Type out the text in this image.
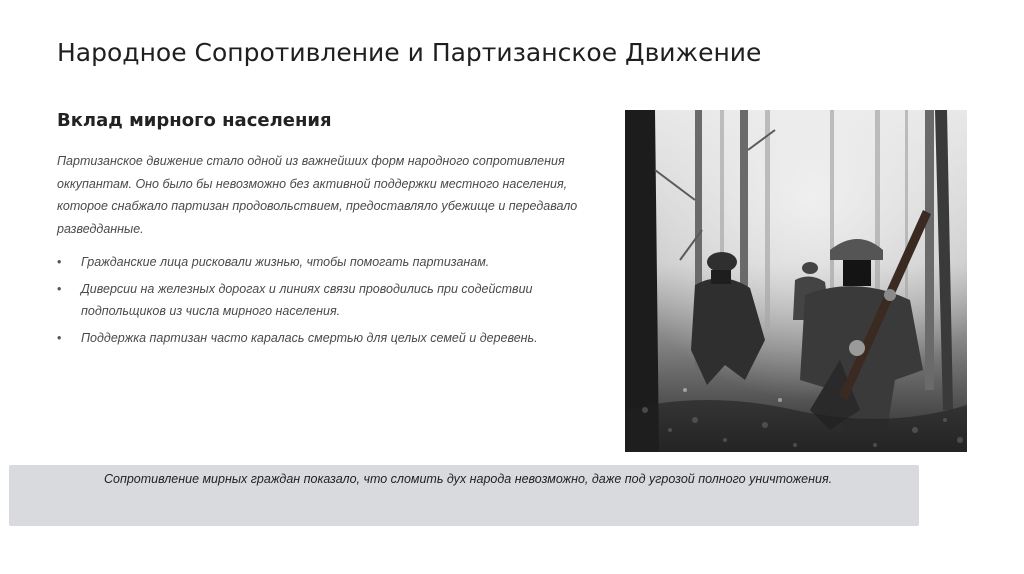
Народное Сопротивление и Партизанское Движение
Вклад мирного населения

Партизанское движение стало одной из важнейших форм народного сопротивления оккупантам. Оно было бы невозможно без активной поддержки местного населения, которое снабжало партизан продовольствием, предоставляло убежище и передавало разведданные.

• Гражданские лица рисковали жизнью, чтобы помогать партизанам.
• Диверсии на железных дорогах и линиях связи проводились при содействии подпольщиков из числа мирного населения.
• Поддержка партизан часто каралась смертью для целых семей и деревень.
Сопротивление мирных граждан показало, что сломить дух народа невозможно, даже под угрозой полного уничтожения.
